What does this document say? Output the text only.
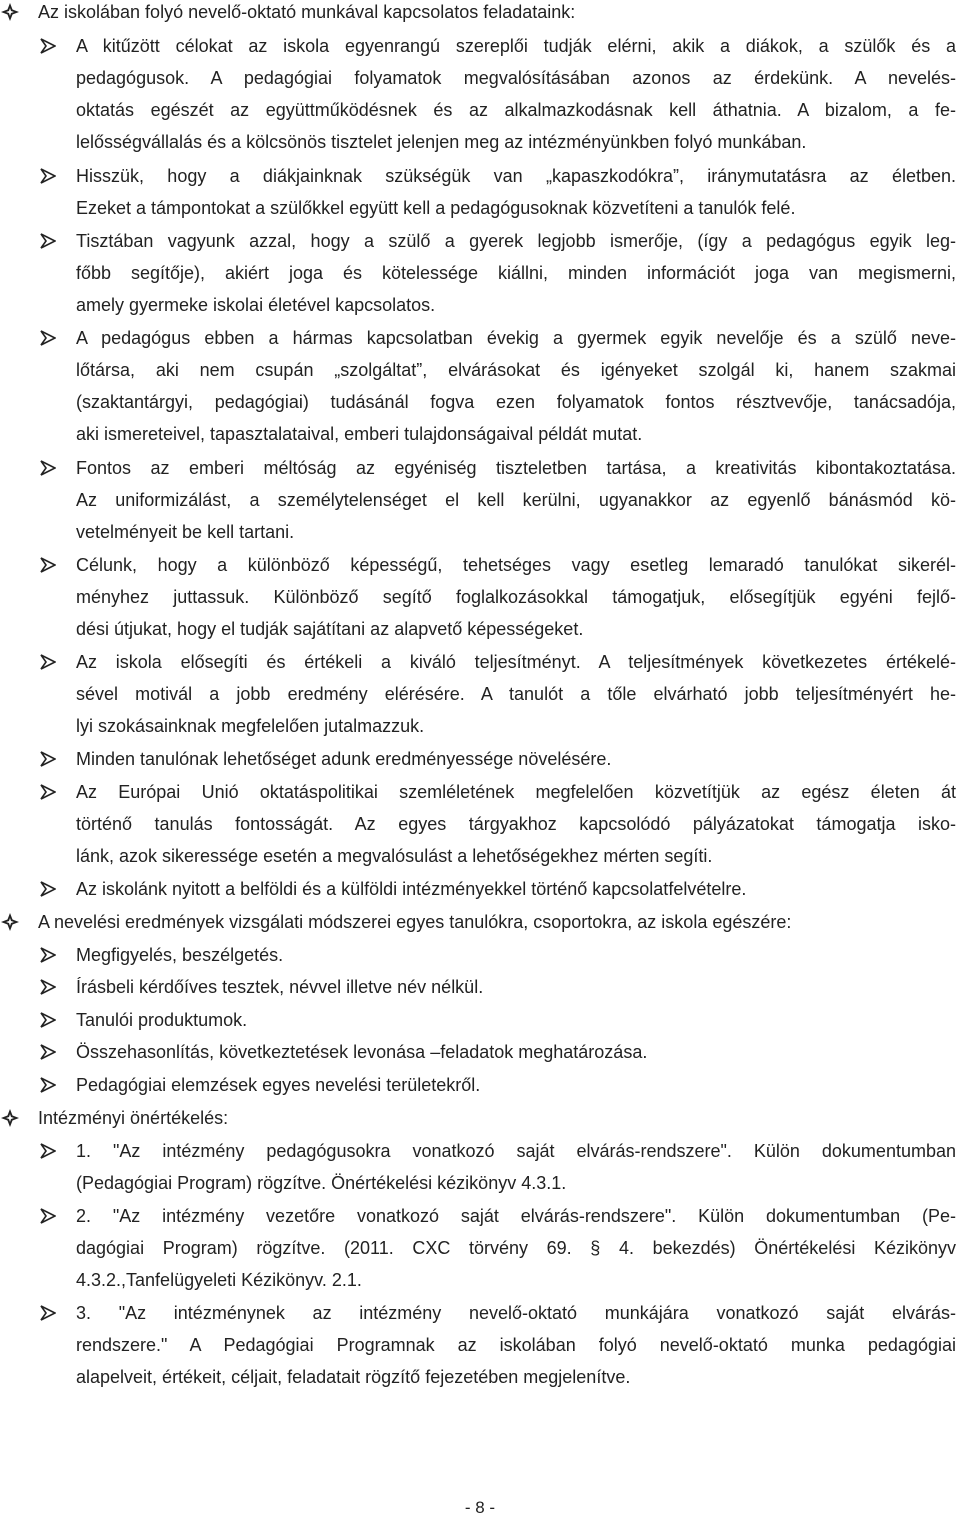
Az iskolában folyó nevelő-oktató munkával kapcsolatos feladataink:
A kitűzött célokat az iskola egyenrangú szereplői tudják elérni, akik a diákok, a szülők és a
pedagógusok. A pedagógiai folyamatok megvalósításában azonos az érdekünk. A nevelés-
oktatás egészét az együttműködésnek és az alkalmazkodásnak kell áthatnia. A bizalom, a fe-
lelősségvállalás és a kölcsönös tisztelet jelenjen meg az intézményünkben folyó munkában.
Hisszük, hogy a diákjainknak szükségük van „kapaszkodókra”, iránymutatásra az életben.
Ezeket a támpontokat a szülőkkel együtt kell a pedagógusoknak közvetíteni a tanulók felé.
Tisztában vagyunk azzal, hogy a szülő a gyerek legjobb ismerője, (így a pedagógus egyik leg-
főbb segítője), akiért joga és kötelessége kiállni, minden információt joga van megismerni,
amely gyermeke iskolai életével kapcsolatos.
A pedagógus ebben a hármas kapcsolatban évekig a gyermek egyik nevelője és a szülő neve-
lőtársa, aki nem csupán „szolgáltat”, elvárásokat és igényeket szolgál ki, hanem szakmai
(szaktantárgyi, pedagógiai) tudásánál fogva ezen folyamatok fontos résztvevője, tanácsadója,
aki ismereteivel, tapasztalataival, emberi tulajdonságaival példát mutat.
Fontos az emberi méltóság az egyéniség tiszteletben tartása, a kreativitás kibontakoztatása.
Az uniformizálást, a személytelenséget el kell kerülni, ugyanakkor az egyenlő bánásmód kö-
vetelményeit be kell tartani.
Célunk, hogy a különböző képességű, tehetséges vagy esetleg lemaradó tanulókat sikerél-
ményhez juttassuk. Különböző segítő foglalkozásokkal támogatjuk, elősegítjük egyéni fejlő-
dési útjukat, hogy el tudják sajátítani az alapvető képességeket.
Az iskola elősegíti és értékeli a kiváló teljesítményt. A teljesítmények következetes értékelé-
sével motivál a jobb eredmény elérésére. A tanulót a tőle elvárható jobb teljesítményért he-
lyi szokásainknak megfelelően jutalmazzuk.
Minden tanulónak lehetőséget adunk eredményessége növelésére.
Az Európai Unió oktatáspolitikai szemléletének megfelelően közvetítjük az egész életen át
történő tanulás fontosságát. Az egyes tárgyakhoz kapcsolódó pályázatokat támogatja isko-
lánk, azok sikeressége esetén a megvalósulást a lehetőségekhez mérten segíti.
Az iskolánk nyitott a belföldi és a külföldi intézményekkel történő kapcsolatfelvételre.
A nevelési eredmények vizsgálati módszerei egyes tanulókra, csoportokra, az iskola egészére:
Megfigyelés, beszélgetés.
Írásbeli kérdőíves tesztek, névvel illetve név nélkül.
Tanulói produktumok.
Összehasonlítás, következtetések levonása –feladatok meghatározása.
Pedagógiai elemzések egyes nevelési területekről.
Intézményi önértékelés:
1. "Az intézmény pedagógusokra vonatkozó saját elvárás-rendszere". Külön dokumentumban
(Pedagógiai Program) rögzítve. Önértékelési kézikönyv 4.3.1.
2. "Az intézmény vezetőre vonatkozó saját elvárás-rendszere". Külön dokumentumban (Pe-
dagógiai Program) rögzítve. (2011. CXC törvény 69. § 4. bekezdés) Önértékelési Kézikönyv
4.3.2.,Tanfelügyeleti Kézikönyv. 2.1.
3. "Az intézménynek az intézmény nevelő-oktató munkájára vonatkozó saját elvárás-
rendszere." A Pedagógiai Programnak az iskolában folyó nevelő-oktató munka pedagógiai
alapelveit, értékeit, céljait, feladatait rögzítő fejezetében megjelenítve.
- 8 -
